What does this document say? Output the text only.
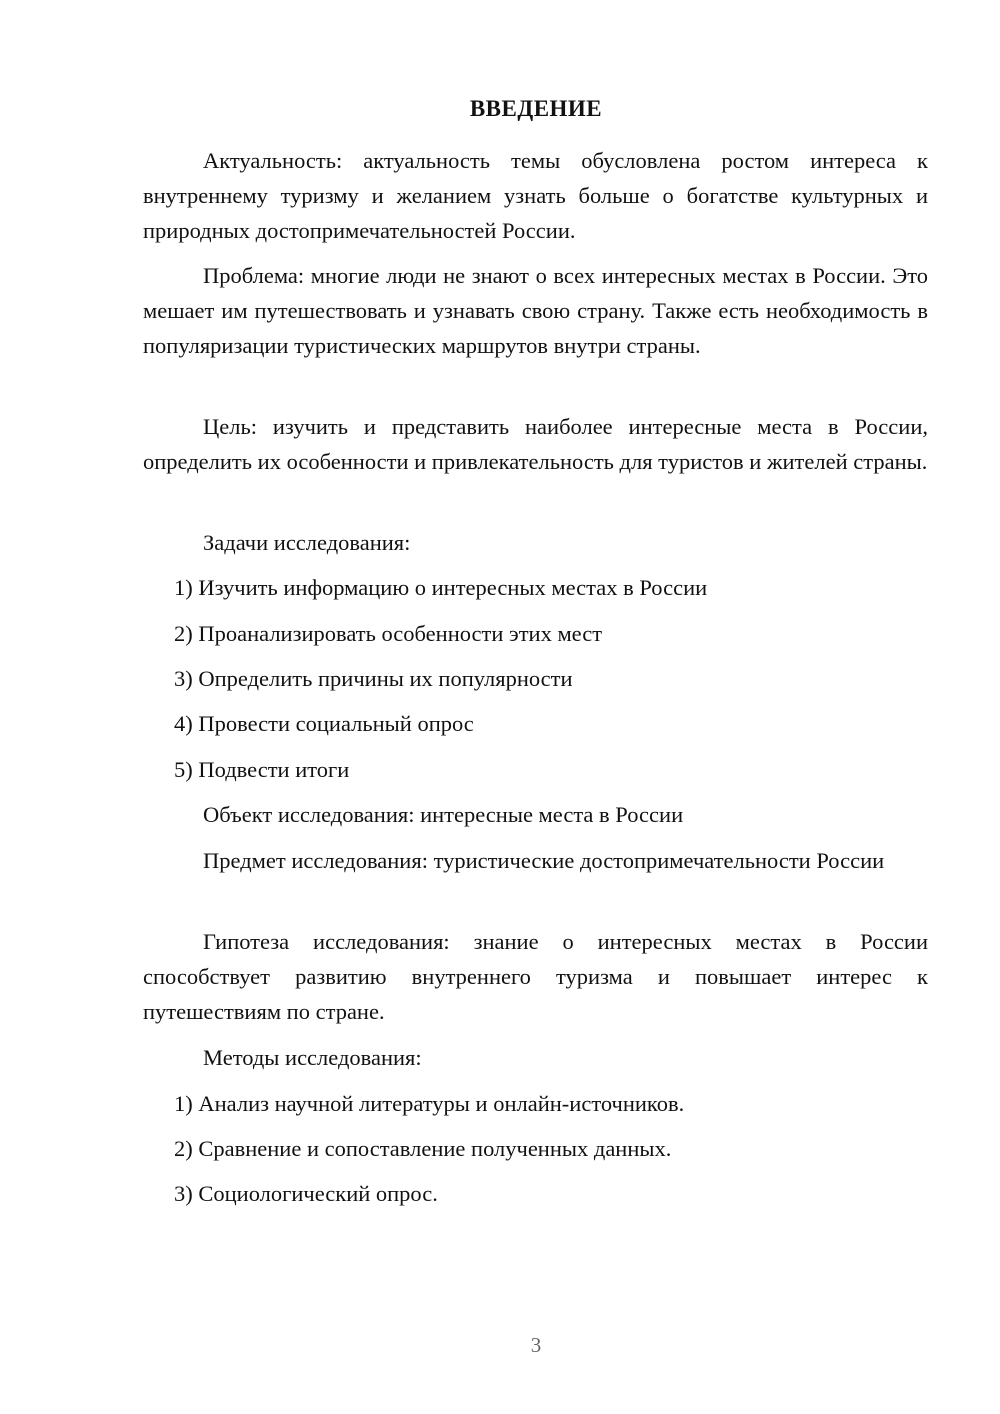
ВВЕДЕНИЕ

Актуальность: актуальность темы обусловлена ростом интереса к внутреннему туризму и желанием узнать больше о богатстве культурных и природных достопримечательностей России.

Проблема: многие люди не знают о всех интересных местах в России. Это мешает им путешествовать и узнавать свою страну. Также есть необходимость в популяризации туристических маршрутов внутри страны.

Цель: изучить и представить наиболее интересные места в России, определить их особенности и привлекательность для туристов и жителей страны.

Задачи исследования:
1) Изучить информацию о интересных местах в России
2) Проанализировать особенности этих мест
3) Определить причины их популярности
4) Провести социальный опрос
5) Подвести итоги
Объект исследования: интересные места в России

Предмет исследования: туристические достопримечательности России

Гипотеза исследования: знание о интересных местах в России способствует развитию внутреннего туризма и повышает интерес к путешествиям по стране.

Методы исследования:
1) Анализ научной литературы и онлайн-источников.
2) Сравнение и сопоставление полученных данных.
3) Социологический опрос.
3
